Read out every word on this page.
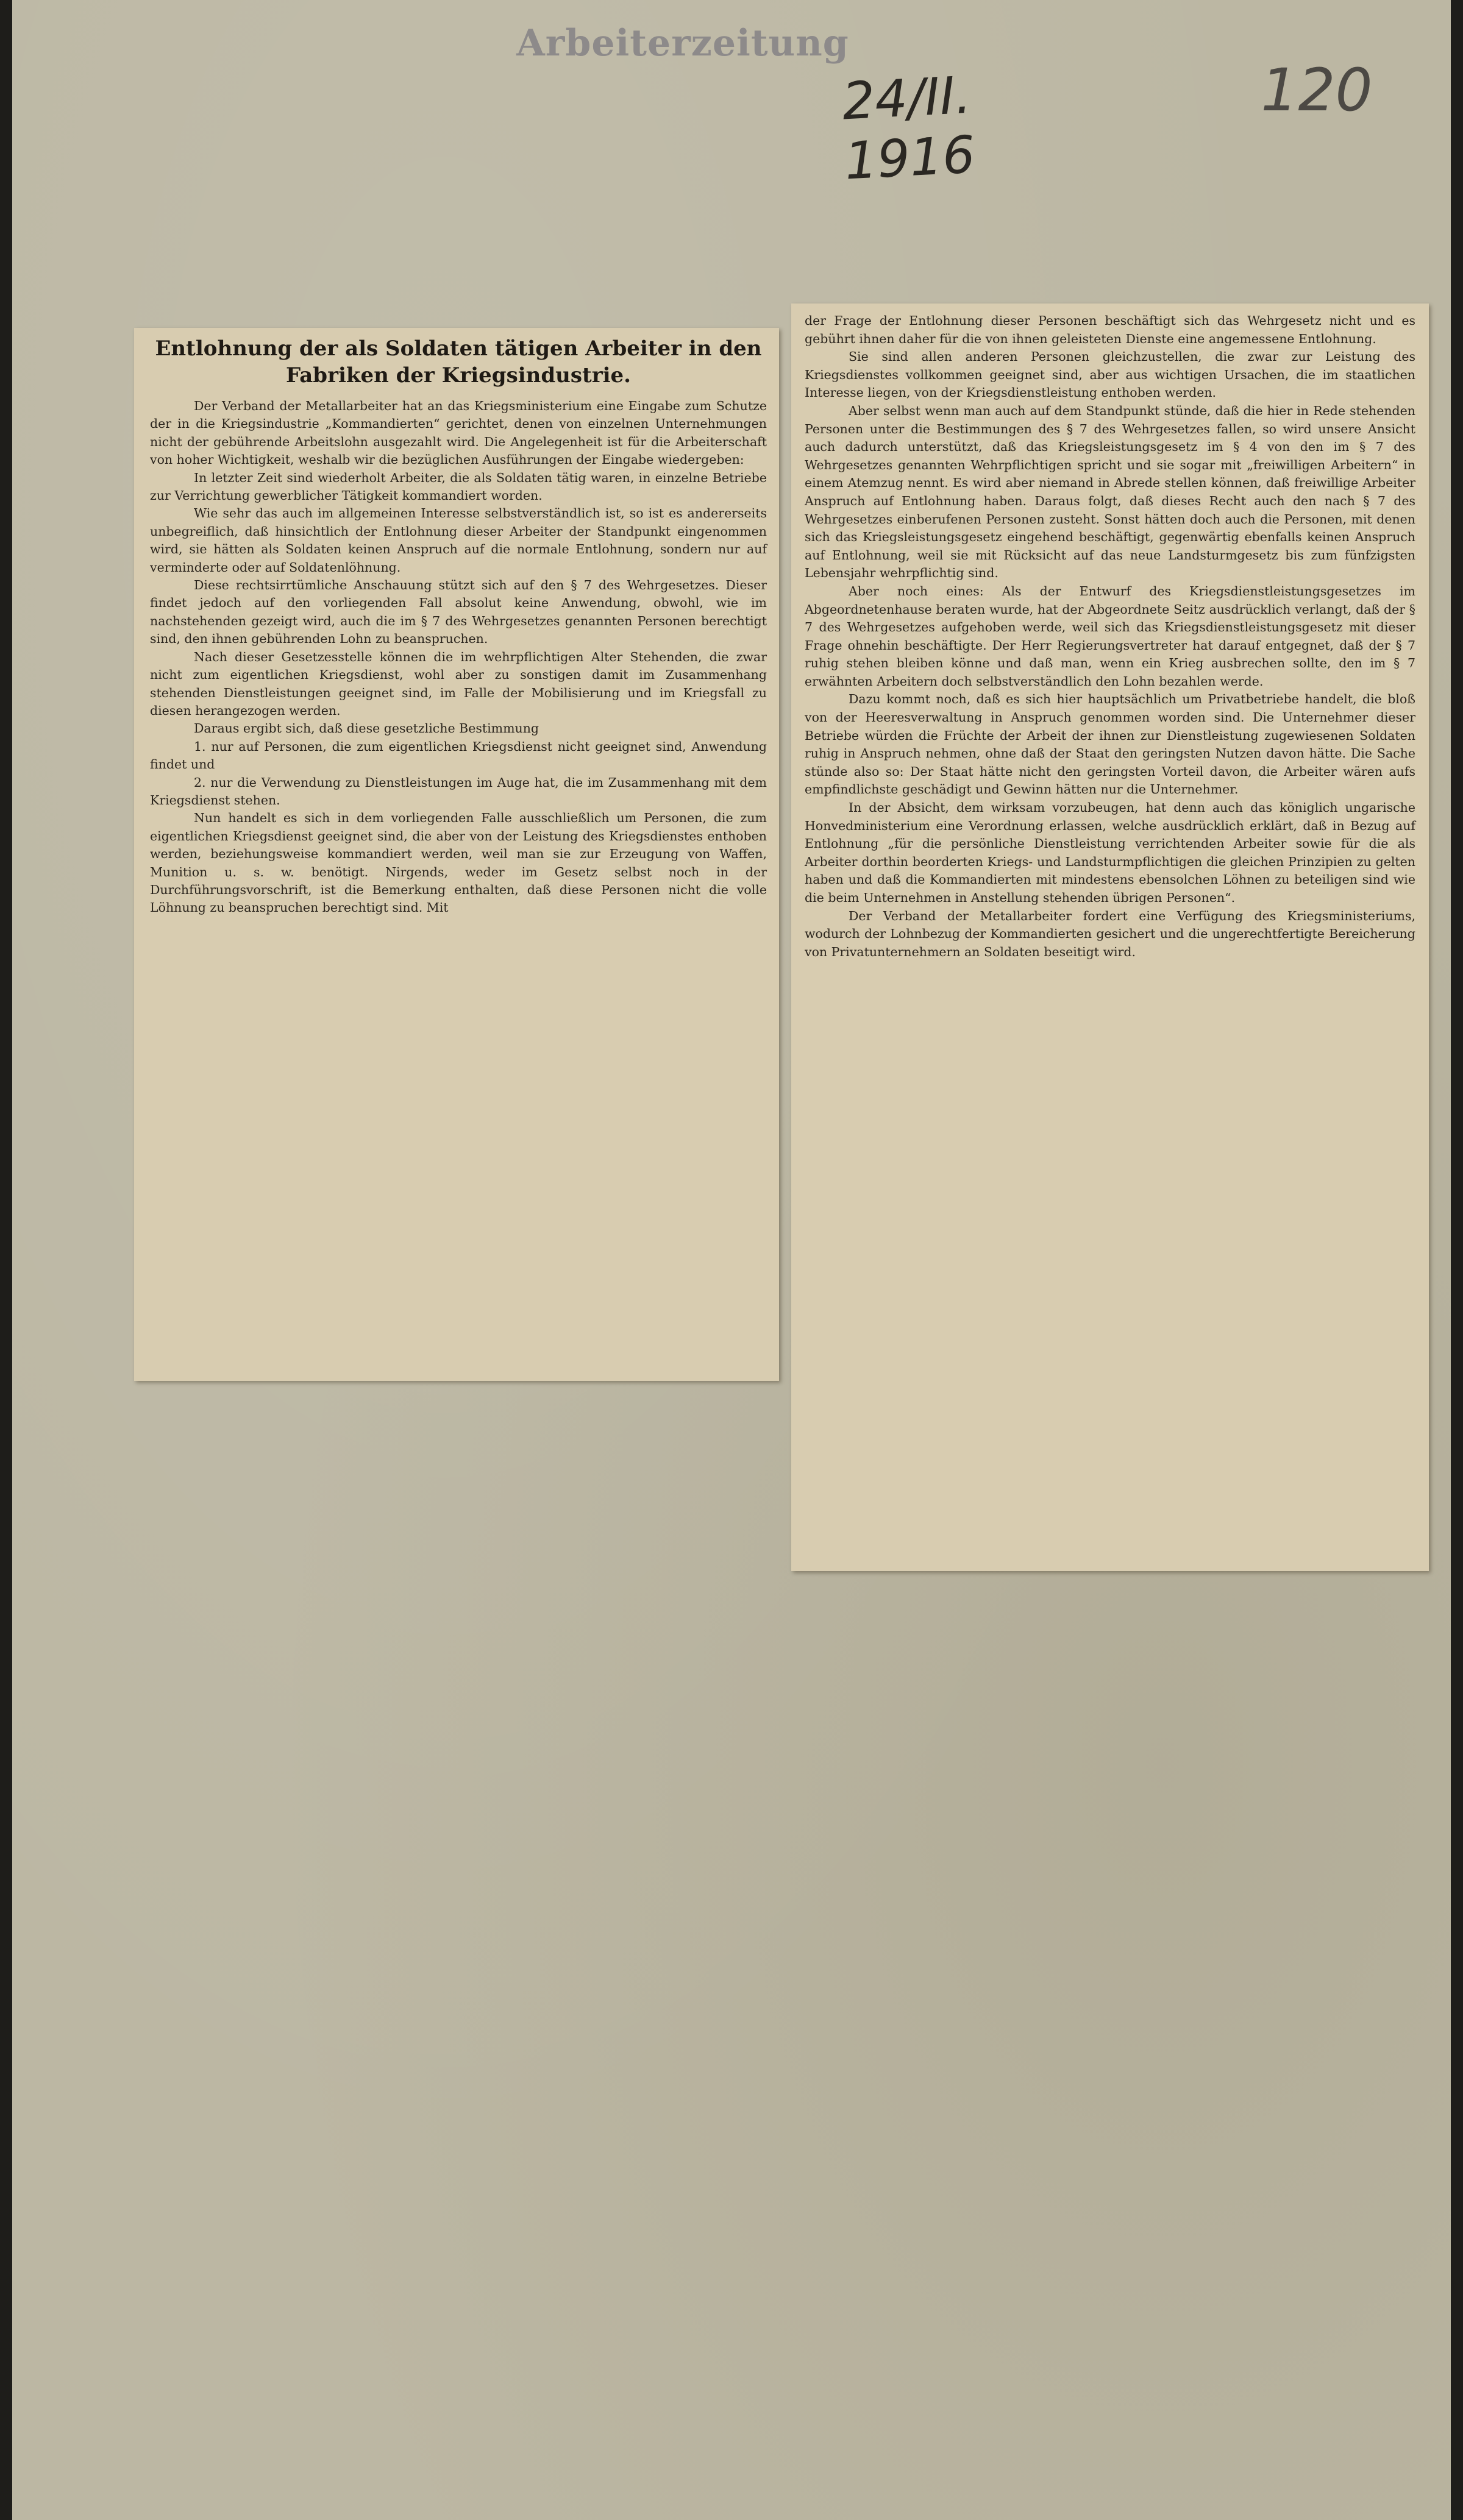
Arbeiterzeitung
24/II. 1916
120
Entlohnung der als Soldaten tätigen Arbeiter in den Fabriken der Kriegsindustrie.

Der Verband der Metallarbeiter hat an das Kriegsministerium eine Eingabe zum Schutze der in die Kriegsindustrie „Kommandierten“ gerichtet, denen von einzelnen Unternehmungen nicht der gebührende Arbeitslohn ausgezahlt wird. Die Angelegenheit ist für die Arbeiterschaft von hoher Wichtigkeit, weshalb wir die bezüglichen Ausführungen der Eingabe wiedergeben:

In letzter Zeit sind wiederholt Arbeiter, die als Soldaten tätig waren, in einzelne Betriebe zur Verrichtung gewerblicher Tätigkeit kommandiert worden.

Wie sehr das auch im allgemeinen Interesse selbstverständlich ist, so ist es andererseits unbegreiflich, daß hinsichtlich der Entlohnung dieser Arbeiter der Standpunkt eingenommen wird, sie hätten als Soldaten keinen Anspruch auf die normale Entlohnung, sondern nur auf verminderte oder auf Soldatenlöhnung.

Diese rechtsirrtümliche Anschauung stützt sich auf den § 7 des Wehrgesetzes. Dieser findet jedoch auf den vorliegenden Fall absolut keine Anwendung, obwohl, wie im nachstehenden gezeigt wird, auch die im § 7 des Wehrgesetzes genannten Personen berechtigt sind, den ihnen gebührenden Lohn zu beanspruchen.

Nach dieser Gesetzesstelle können die im wehrpflichtigen Alter Stehenden, die zwar nicht zum eigentlichen Kriegsdienst, wohl aber zu sonstigen damit im Zusammenhang stehenden Dienstleistungen geeignet sind, im Falle der Mobilisierung und im Kriegsfall zu diesen herangezogen werden.

Daraus ergibt sich, daß diese gesetzliche Bestimmung

1. nur auf Personen, die zum eigentlichen Kriegsdienst nicht geeignet sind, Anwendung findet und

2. nur die Verwendung zu Dienstleistungen im Auge hat, die im Zusammenhang mit dem Kriegsdienst stehen.

Nun handelt es sich in dem vorliegenden Falle ausschließlich um Personen, die zum eigentlichen Kriegsdienst geeignet sind, die aber von der Leistung des Kriegsdienstes enthoben werden, beziehungsweise kommandiert werden, weil man sie zur Erzeugung von Waffen, Munition u. s. w. benötigt. Nirgends, weder im Gesetz selbst noch in der Durchführungsvorschrift, ist die Bemerkung enthalten, daß diese Personen nicht die volle Löhnung zu beanspruchen berechtigt sind. Mit

der Frage der Entlohnung dieser Personen beschäftigt sich das Wehrgesetz nicht und es gebührt ihnen daher für die von ihnen geleisteten Dienste eine angemessene Entlohnung.

Sie sind allen anderen Personen gleichzustellen, die zwar zur Leistung des Kriegsdienstes vollkommen geeignet sind, aber aus wichtigen Ursachen, die im staatlichen Interesse liegen, von der Kriegsdienstleistung enthoben werden.

Aber selbst wenn man auch auf dem Standpunkt stünde, daß die hier in Rede stehenden Personen unter die Bestimmungen des § 7 des Wehrgesetzes fallen, so wird unsere Ansicht auch dadurch unterstützt, daß das Kriegsleistungsgesetz im § 4 von den im § 7 des Wehrgesetzes genannten Wehrpflichtigen spricht und sie sogar mit „freiwilligen Arbeitern“ in einem Atemzug nennt. Es wird aber niemand in Abrede stellen können, daß freiwillige Arbeiter Anspruch auf Entlohnung haben. Daraus folgt, daß dieses Recht auch den nach § 7 des Wehrgesetzes einberufenen Personen zusteht. Sonst hätten doch auch die Personen, mit denen sich das Kriegsleistungsgesetz eingehend beschäftigt, gegenwärtig ebenfalls keinen Anspruch auf Entlohnung, weil sie mit Rücksicht auf das neue Landsturmgesetz bis zum fünfzigsten Lebensjahr wehrpflichtig sind.

Aber noch eines: Als der Entwurf des Kriegsdienstleistungsgesetzes im Abgeordnetenhause beraten wurde, hat der Abgeordnete Seitz ausdrücklich verlangt, daß der § 7 des Wehrgesetzes aufgehoben werde, weil sich das Kriegsdienstleistungsgesetz mit dieser Frage ohnehin beschäftigte. Der Herr Regierungsvertreter hat darauf entgegnet, daß der § 7 ruhig stehen bleiben könne und daß man, wenn ein Krieg ausbrechen sollte, den im § 7 erwähnten Arbeitern doch selbstverständlich den Lohn bezahlen werde.

Dazu kommt noch, daß es sich hier hauptsächlich um Privatbetriebe handelt, die bloß von der Heeresverwaltung in Anspruch genommen worden sind. Die Unternehmer dieser Betriebe würden die Früchte der Arbeit der ihnen zur Dienstleistung zugewiesenen Soldaten ruhig in Anspruch nehmen, ohne daß der Staat den geringsten Nutzen davon hätte. Die Sache stünde also so: Der Staat hätte nicht den geringsten Vorteil davon, die Arbeiter wären aufs empfindlichste geschädigt und Gewinn hätten nur die Unternehmer.

In der Absicht, dem wirksam vorzubeugen, hat denn auch das königlich ungarische Honvedministerium eine Verordnung erlassen, welche ausdrücklich erklärt, daß in Bezug auf Entlohnung „für die persönliche Dienstleistung verrichtenden Arbeiter sowie für die als Arbeiter dorthin beorderten Kriegs- und Landsturmpflichtigen die gleichen Prinzipien zu gelten haben und daß die Kommandierten mit mindestens ebensolchen Löhnen zu beteiligen sind wie die beim Unternehmen in Anstellung stehenden übrigen Personen“.

Der Verband der Metallarbeiter fordert eine Verfügung des Kriegsministeriums, wodurch der Lohnbezug der Kommandierten gesichert und die ungerechtfertigte Bereicherung von Privatunternehmern an Soldaten beseitigt wird.
